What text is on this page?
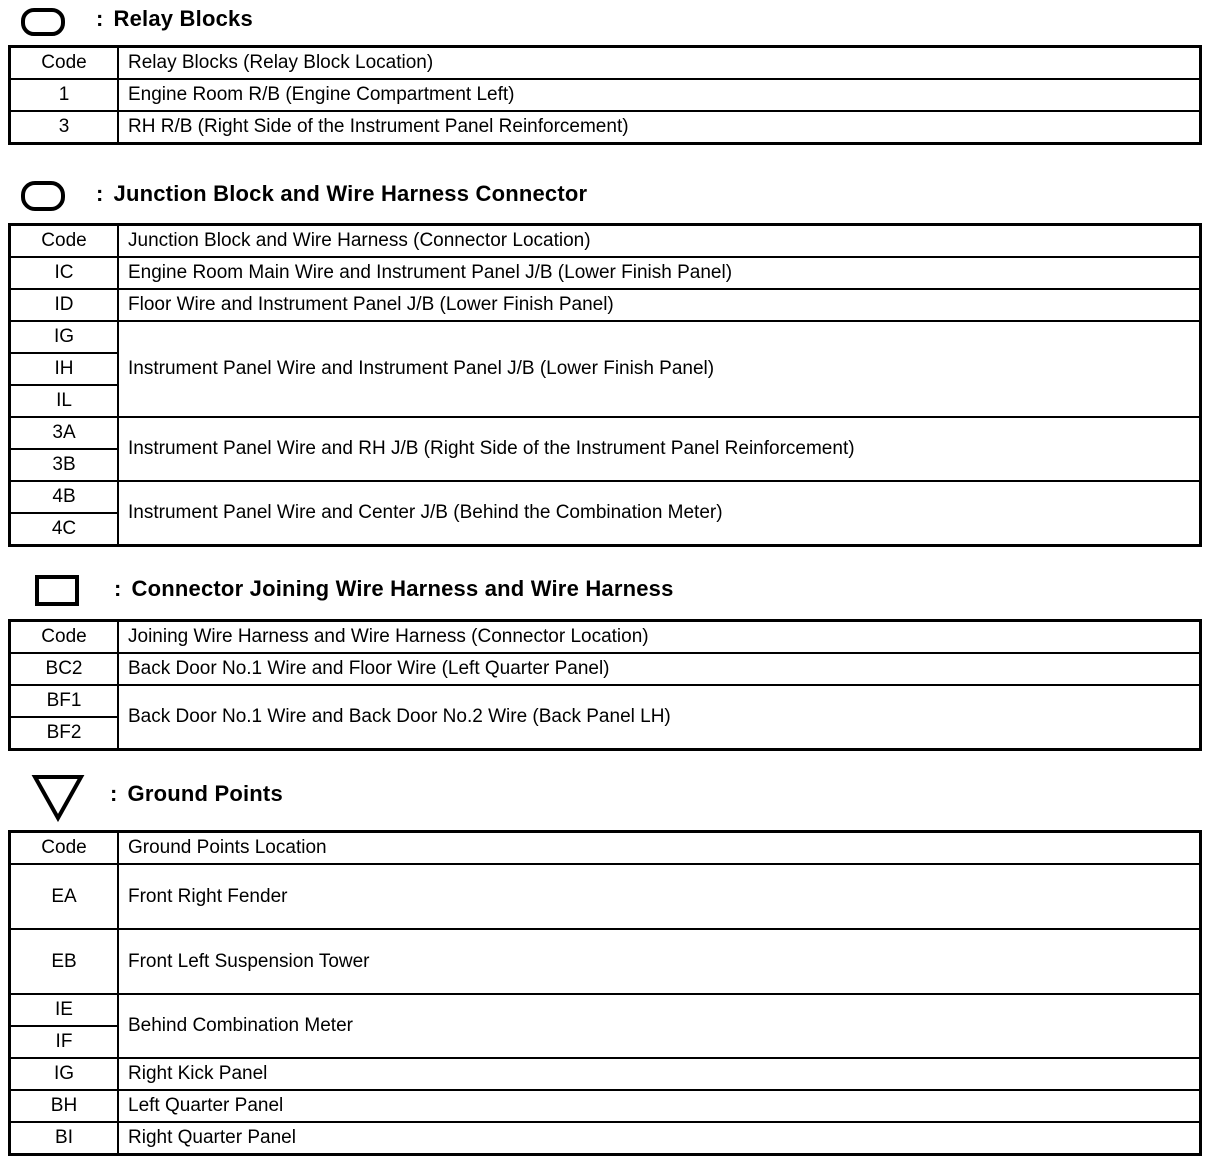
: Relay Blocks
Code	Relay Blocks (Relay Block Location)
1	Engine Room R/B (Engine Compartment Left)
3	RH R/B (Right Side of the Instrument Panel Reinforcement)
: Junction Block and Wire Harness Connector
Code	Junction Block and Wire Harness (Connector Location)
IC	Engine Room Main Wire and Instrument Panel J/B (Lower Finish Panel)
ID	Floor Wire and Instrument Panel J/B (Lower Finish Panel)
IG	Instrument Panel Wire and Instrument Panel J/B (Lower Finish Panel)
IH	
IL	
3A	Instrument Panel Wire and RH J/B (Right Side of the Instrument Panel Reinforcement)
3B	
4B	Instrument Panel Wire and Center J/B (Behind the Combination Meter)
4C	
: Connector Joining Wire Harness and Wire Harness
Code	Joining Wire Harness and Wire Harness (Connector Location)
BC2	Back Door No.1 Wire and Floor Wire (Left Quarter Panel)
BF1	Back Door No.1 Wire and Back Door No.2 Wire (Back Panel LH)
BF2	
: Ground Points
Code	Ground Points Location
EA	Front Right Fender
EB	Front Left Suspension Tower
IE	Behind Combination Meter
IF	
IG	Right Kick Panel
BH	Left Quarter Panel
BI	Right Quarter Panel
